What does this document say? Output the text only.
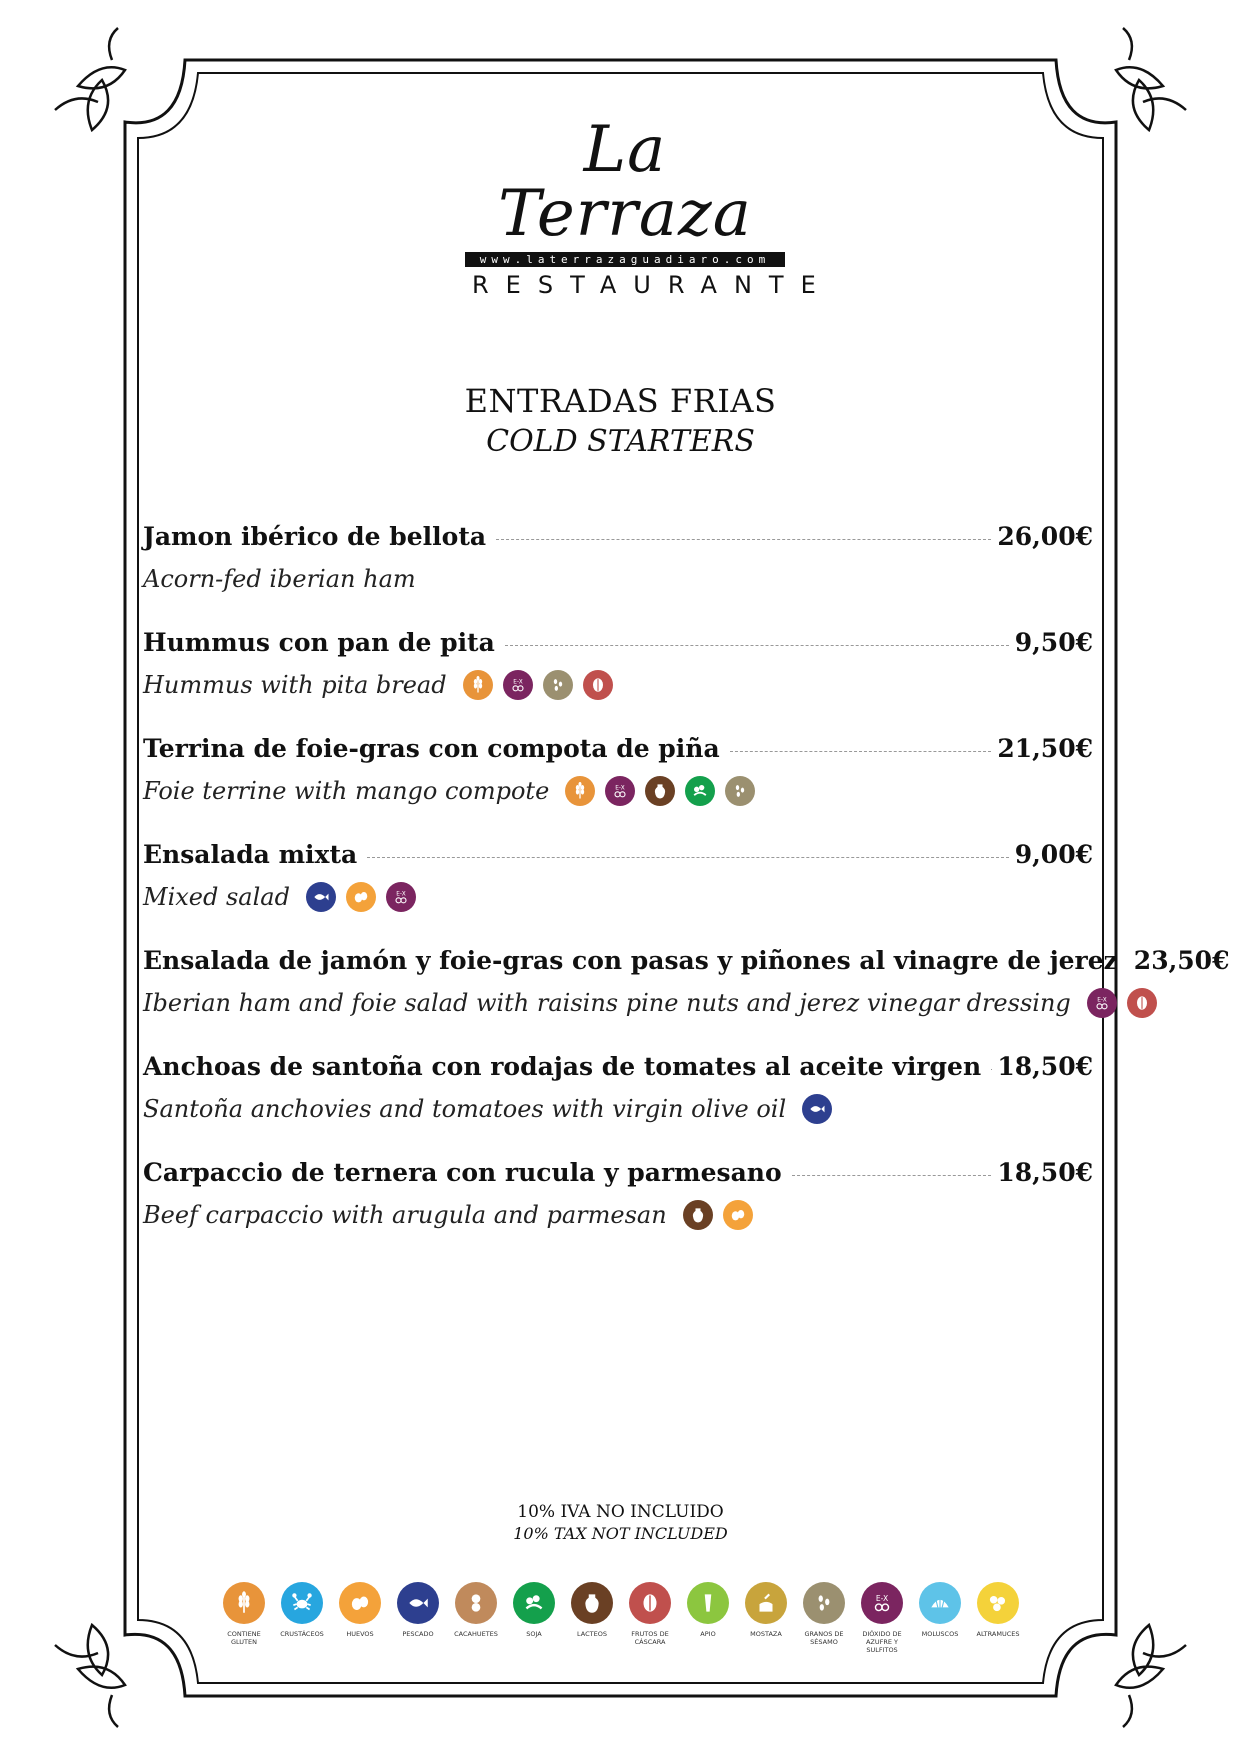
La Terraza
www.laterrazaguadiaro.com
RESTAURANTE
ENTRADAS FRIAS
COLD STARTERS
Jamon ibérico de bellota	26,00€
Acorn-fed iberian ham
Hummus con pan de pita	9,50€
Hummus with pita bread	E-X
Terrina de foie-gras con compota de piña	21,50€
Foie terrine with mango compote	E-X
Ensalada mixta	9,00€
Mixed salad	E-X
Ensalada de jamón y foie-gras con pasas y piñones al vinagre de jerez 23,50€
Iberian ham and foie salad with raisins pine nuts and jerez vinegar dressing	E-X
Anchoas de santoña con rodajas de tomates al aceite virgen 18,50€
Santoña anchovies and tomatoes with virgin olive oil
Carpaccio de ternera con rucula y parmesano	18,50€
Beef carpaccio with arugula and parmesan
10% IVA NO INCLUIDO
10% TAX NOT INCLUDED
CONTIENE GLUTEN
CRUSTÁCEOS	HUEVOS	PESCADO	CACAHUETES	SOJA	LACTEOS	FRUTOS DE CÁSCARA
APIO	MOSTAZA	GRANOS DE SÉSAMO
E-X
DIÓXIDO DE AZUFRE Y SULFITOS
MOLUSCOS	ALTRAMUCES
